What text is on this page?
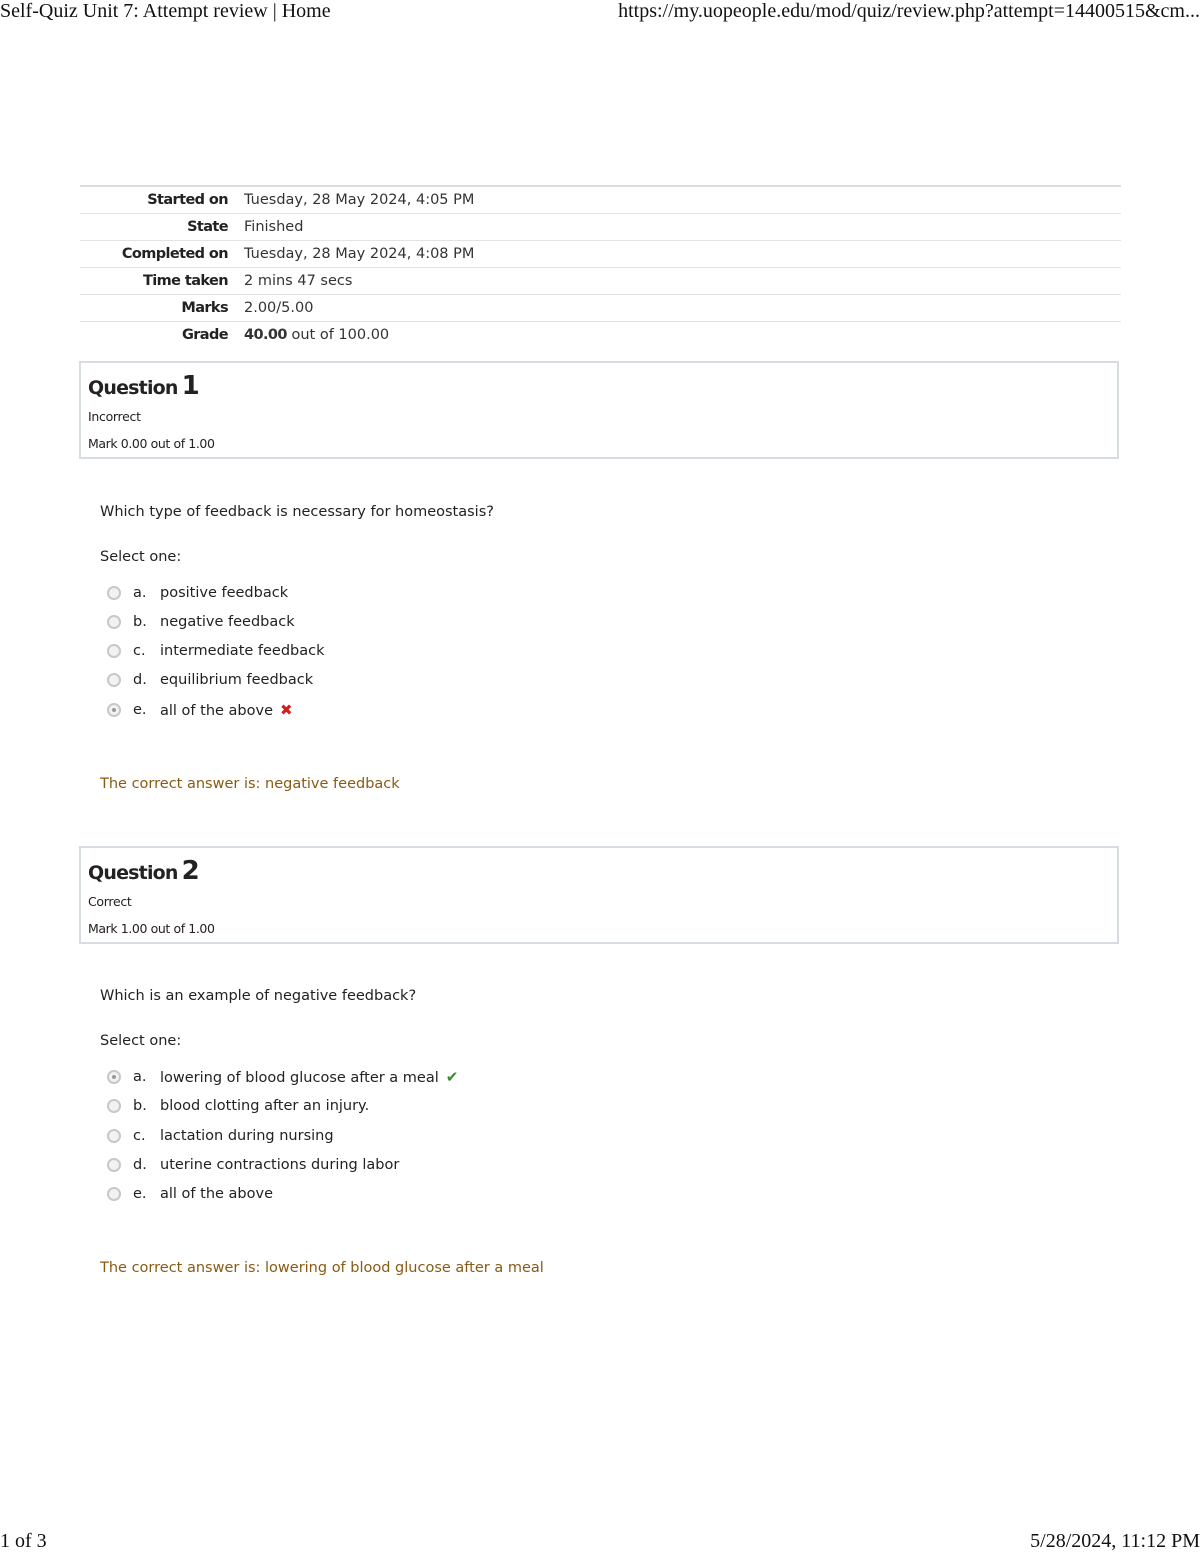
Self-Quiz Unit 7: Attempt review | Home	https://my.uopeople.edu/mod/quiz/review.php?attempt=14400515&cm...
Started on	Tuesday, 28 May 2024, 4:05 PM
State	Finished
Completed on	Tuesday, 28 May 2024, 4:08 PM
Time taken	2 mins 47 secs
Marks	2.00/5.00
Grade	40.00 out of 100.00
Question 1
Incorrect
Mark 0.00 out of 1.00
Which type of feedback is necessary for homeostasis?
Select one:
a. positive feedback
b. negative feedback
c. intermediate feedback
d. equilibrium feedback
e. all of the above ✖
The correct answer is: negative feedback
Question 2
Correct
Mark 1.00 out of 1.00
Which is an example of negative feedback?
Select one:
a. lowering of blood glucose after a meal ✔
b. blood clotting after an injury.
c. lactation during nursing
d. uterine contractions during labor
e. all of the above
The correct answer is: lowering of blood glucose after a meal
1 of 3	5/28/2024, 11:12 PM
